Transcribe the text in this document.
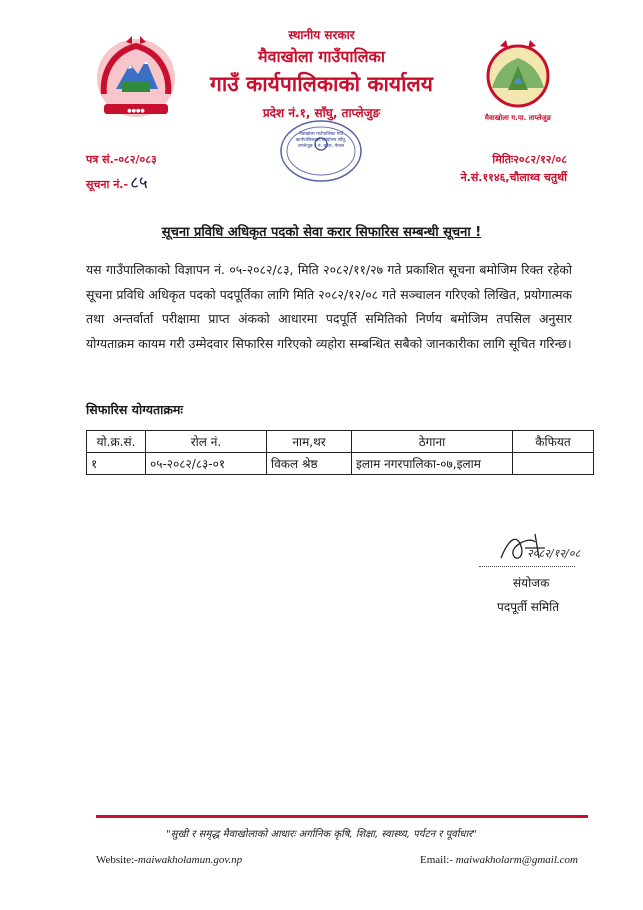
●●●●
मैवाखोला ग.पा. ताप्लेजुङ
स्थानीय सरकार
मैवाखोला गाउँपालिका
गाउँ कार्यपालिकाको कार्यालय
प्रदेश नं.१, साँघु, ताप्लेजुङ
मैवाखोला गाउँपालिका गाउँ कार्यपालिकाको कार्यालय साँघु, ताप्लेजुङ १ नं. प्रदेश, नेपाल
पत्र सं.-०८२/०८३
सूचना नं.- ८५
मितिः२०८२/१२/०८
ने.सं.११४६,चौलाथ्व चतुर्थी
सूचना प्रविधि अधिकृत पदको सेवा करार सिफारिस सम्बन्धी सूचना !
यस गाउँपालिकाको विज्ञापन नं. ०५-२०८२/८३, मिति २०८२/११/२७ गते प्रकाशित सूचना बमोजिम रिक्त रहेको सूचना प्रविधि अधिकृत पदको पदपूर्तिका लागि मिति २०८२/१२/०८ गते सञ्चालन गरिएको लिखित, प्रयोगात्मक तथा अन्तर्वार्ता परीक्षामा प्राप्त अंकको आधारमा पदपूर्ति समितिको निर्णय बमोजिम तपसिल अनुसार योग्यताक्रम कायम गरी उम्मेदवार सिफारिस गरिएको व्यहोरा सम्बन्धित सबैको जानकारीका लागि सूचित गरिन्छ।
सिफारिस योग्यताक्रमः
यो.क्र.सं.	रोल नं.	नाम,थर	ठेगाना	कैफियत
१	०५-२०८२/८३-०१	विकल श्रेष्ठ	इलाम नगरपालिका-०७,इलाम	
२०८२/१२/०८
संयोजक
पदपूर्ती समिति
"सुखी र समृद्ध मैवाखोलाको आधारः अर्गानिक कृषि, शिक्षा, स्वास्थ्य, पर्यटन र पूर्वाधार"
Website:-maiwakholamun.gov.np	Email:- maiwakholarm@gmail.com
